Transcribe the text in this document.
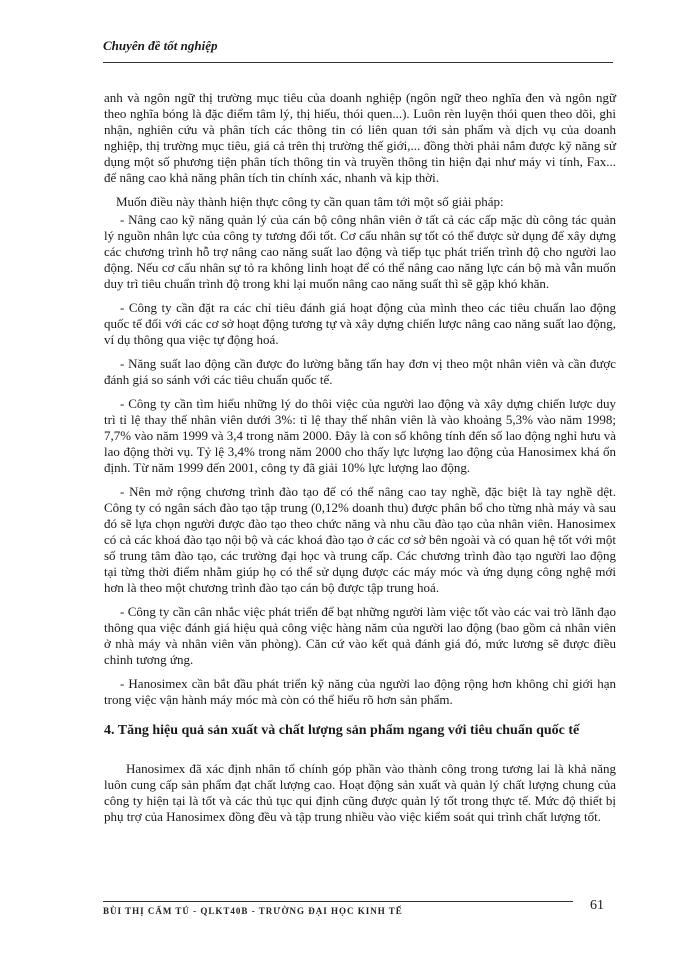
Chuyên đề tốt nghiệp

anh và ngôn ngữ thị trường mục tiêu của doanh nghiệp (ngôn ngữ theo nghĩa đen và ngôn ngữ theo nghĩa bóng là đặc điểm tâm lý, thị hiếu, thói quen...). Luôn rèn luyện thói quen theo dõi, ghi nhận, nghiên cứu và phân tích các thông tin có liên quan tới sản phẩm và dịch vụ của doanh nghiệp, thị trường mục tiêu, giá cả trên thị trường thế giới,... đồng thời phải nắm được kỹ năng sử dụng một số phương tiện phân tích thông tin và truyền thông tin hiện đại như máy vi tính, Fax... để nâng cao khả năng phân tích tin chính xác, nhanh và kịp thời.

Muốn điều này thành hiện thực công ty cần quan tâm tới một số giải pháp:

- Nâng cao kỹ năng quản lý của cán bộ công nhân viên ở tất cả các cấp mặc dù công tác quản lý nguồn nhân lực của công ty tương đối tốt. Cơ cấu nhân sự tốt có thể được sử dụng để xây dựng các chương trình hỗ trợ nâng cao năng suất lao động và tiếp tục phát triển trình độ cho người lao động. Nếu cơ cấu nhân sự tỏ ra không linh hoạt để có thể nâng cao năng lực cán bộ mà vẫn muốn duy trì tiêu chuẩn trình độ trong khi lại muốn nâng cao năng suất thì sẽ gặp khó khăn.

- Công ty cần đặt ra các chỉ tiêu đánh giá hoạt động của mình theo các tiêu chuẩn lao động quốc tế đối với các cơ sở hoạt động tương tự và xây dựng chiến lược nâng cao năng suất lao động, ví dụ thông qua việc tự động hoá.

- Năng suất lao động cần được đo lường bằng tấn hay đơn vị theo một nhân viên và cần được đánh giá so sánh với các tiêu chuẩn quốc tế.

- Công ty cần tìm hiểu những lý do thôi việc của người lao động và xây dựng chiến lược duy trì tỉ lệ thay thế nhân viên dưới 3%: tỉ lệ thay thế nhân viên là vào khoảng 5,3% vào năm 1998; 7,7% vào năm 1999 và 3,4 trong năm 2000. Đây là con số không tính đến số lao động nghỉ hưu và lao động thời vụ. Tỷ lệ 3,4% trong năm 2000 cho thấy lực lượng lao động của Hanosimex khá ổn định. Từ năm 1999 đến 2001, công ty đã giải 10% lực lượng lao động.

- Nên mở rộng chương trình đào tạo để có thể nâng cao tay nghề, đặc biệt là tay nghề dệt. Công ty có ngân sách đào tạo tập trung (0,12% doanh thu) được phân bổ cho từng nhà máy và sau đó sẽ lựa chọn người được đào tạo theo chức năng và nhu cầu đào tạo của nhân viên. Hanosimex có cả các khoá đào tạo nội bộ và các khoá đào tạo ở các cơ sở bên ngoài và có quan hệ tốt với một số trung tâm đào tạo, các trường đại học và trung cấp. Các chương trình đào tạo người lao động tại từng thời điểm nhằm giúp họ có thể sử dụng được các máy móc và ứng dụng công nghệ mới hơn là theo một chương trình đào tạo cán bộ được tập trung hoá.

- Công ty cần cân nhắc việc phát triển để bạt những người làm việc tốt vào các vai trò lãnh đạo thông qua việc đánh giá hiệu quả công việc hàng năm của người lao động (bao gồm cả nhân viên ở nhà máy và nhân viên văn phòng). Căn cứ vào kết quả đánh giá đó, mức lương sẽ được điều chỉnh tương ứng.

- Hanosimex cần bắt đầu phát triển kỹ năng của người lao động rộng hơn không chỉ giới hạn trong việc vận hành máy móc mà còn có thể hiểu rõ hơn sản phẩm.

4. Tăng hiệu quả sản xuất và chất lượng sản phẩm ngang với tiêu chuẩn quốc tế

Hanosimex đã xác định nhân tố chính góp phần vào thành công trong tương lai là khả năng luôn cung cấp sản phẩm đạt chất lượng cao. Hoạt động sản xuất và quản lý chất lượng chung của công ty hiện tại là tốt và các thủ tục qui định cũng được quản lý tốt trong thực tế. Mức độ thiết bị phụ trợ của Hanosimex đồng đều và tập trung nhiều vào việc kiểm soát qui trình chất lượng tốt.

BÙI THỊ CẨM TÚ - QLKT40B - TRƯỜNG ĐẠI HỌC KINH TẾ	61
